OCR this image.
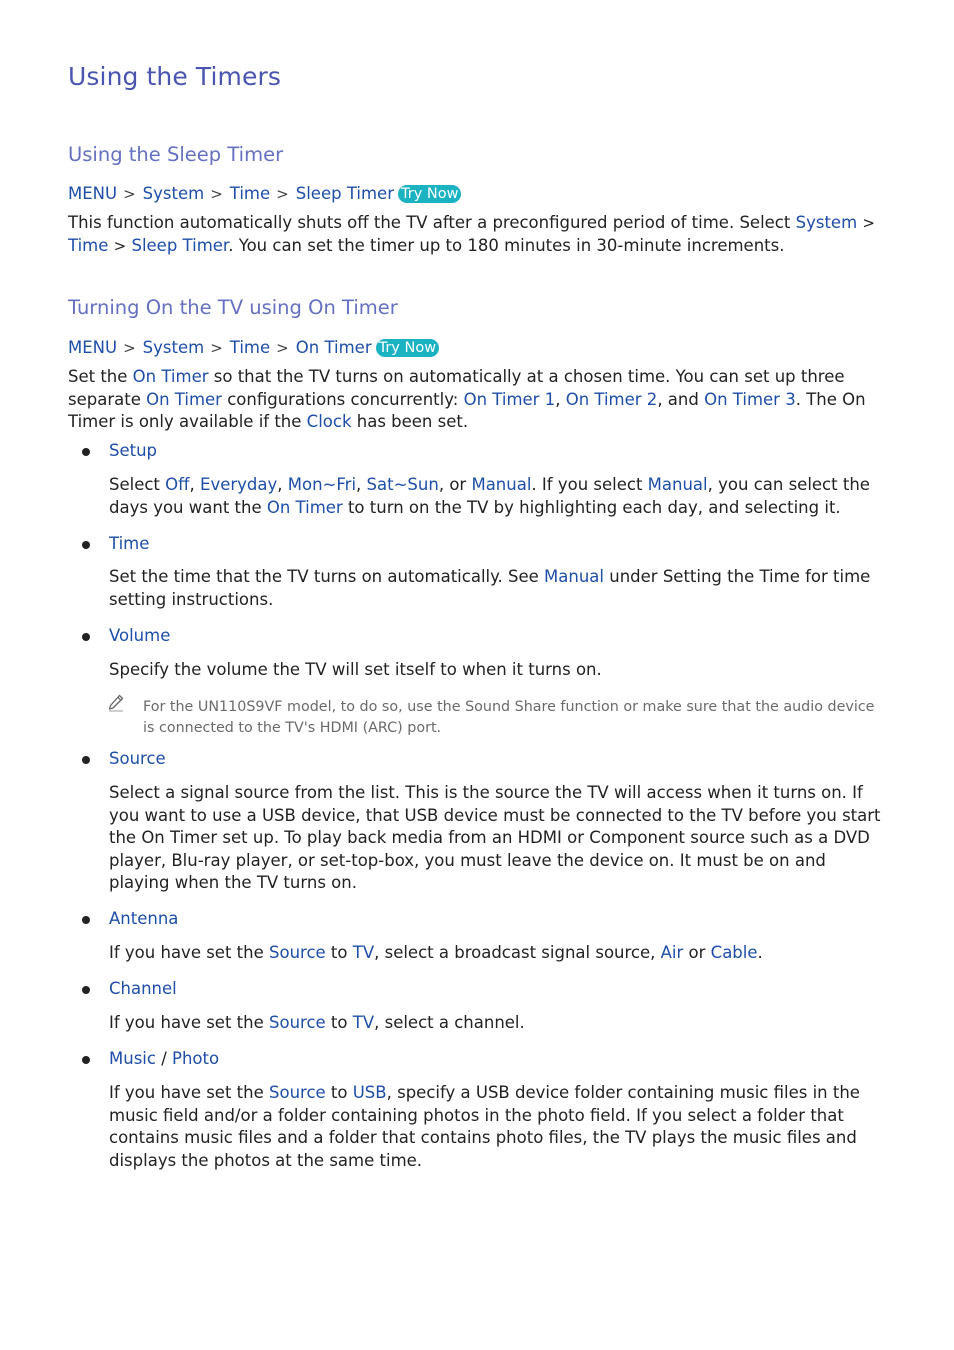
Using the Timers
Using the Sleep Timer
MENU > System > Time > Sleep Timer Try Now

This function automatically shuts off the TV after a preconfigured period of time. Select System > Time > Sleep Timer. You can set the timer up to 180 minutes in 30-minute increments.

Turning On the TV using On Timer
MENU > System > Time > On Timer Try Now

Set the On Timer so that the TV turns on automatically at a chosen time. You can set up three separate On Timer configurations concurrently: On Timer 1, On Timer 2, and On Timer 3. The On Timer is only available if the Clock has been set.

Setup

Select Off, Everyday, Mon~Fri, Sat~Sun, or Manual. If you select Manual, you can select the days you want the On Timer to turn on the TV by highlighting each day, and selecting it.

Time

Set the time that the TV turns on automatically. See Manual under Setting the Time for time setting instructions.

Volume

Specify the volume the TV will set itself to when it turns on.

For the UN110S9VF model, to do so, use the Sound Share function or make sure that the audio device is connected to the TV's HDMI (ARC) port.

Source

Select a signal source from the list. This is the source the TV will access when it turns on. If you want to use a USB device, that USB device must be connected to the TV before you start the On Timer set up. To play back media from an HDMI or Component source such as a DVD player, Blu-ray player, or set-top-box, you must leave the device on. It must be on and playing when the TV turns on.

Antenna

If you have set the Source to TV, select a broadcast signal source, Air or Cable.

Channel

If you have set the Source to TV, select a channel.

Music / Photo

If you have set the Source to USB, specify a USB device folder containing music files in the music field and/or a folder containing photos in the photo field. If you select a folder that contains music files and a folder that contains photo files, the TV plays the music files and displays the photos at the same time.
